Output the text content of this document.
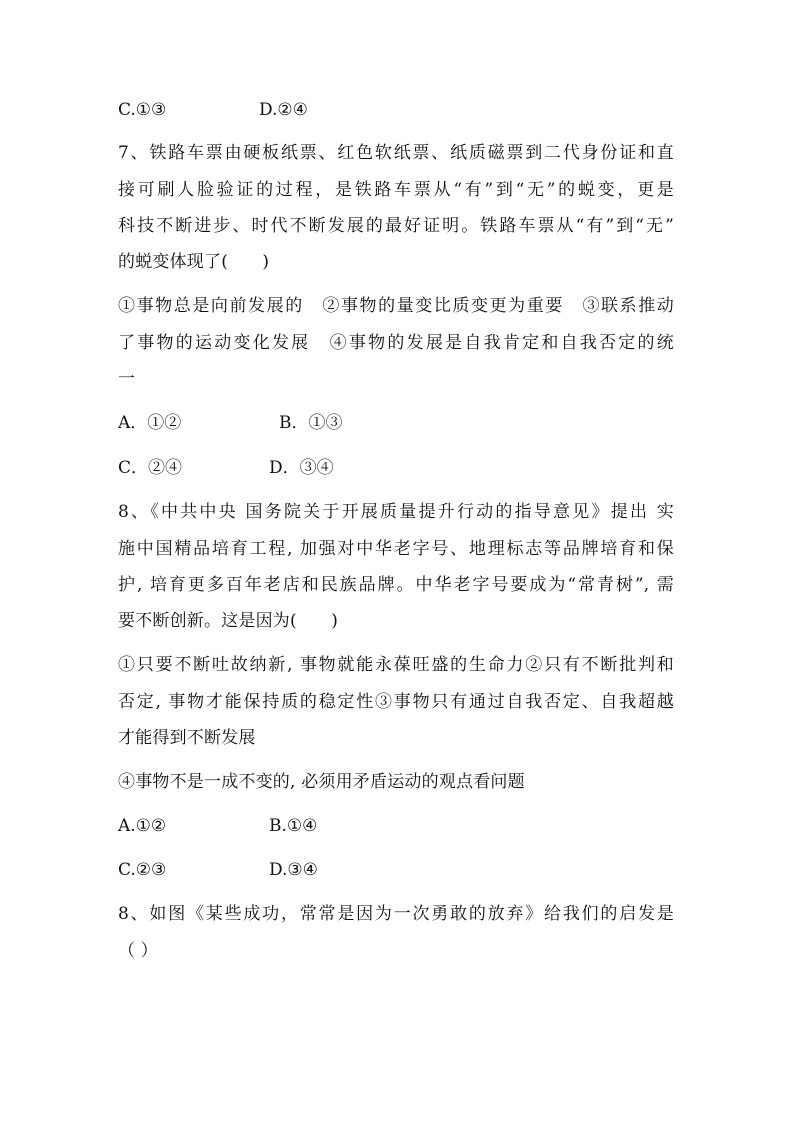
C.①③	D.②④
7、铁路车票由硬板纸票、红色软纸票、纸质磁票到二代身份证和直
接可刷人脸验证的过程，是铁路车票从“有”到“无”的蜕变，更是
科技不断进步、时代不断发展的最好证明。铁路车票从“有”到“无”
的蜕变体现了(　　)
①事物总是向前发展的　②事物的量变比质变更为重要　③联系推动
了事物的运动变化发展　④事物的发展是自我肯定和自我否定的统
一
A．①②	B．①③
C．②④	D．③④
8、《中共中央 国务院关于开展质量提升行动的指导意见》提出 实
施中国精品培育工程, 加强对中华老字号、地理标志等品牌培育和保
护, 培育更多百年老店和民族品牌。中华老字号要成为“常青树”, 需
要不断创新。这是因为(　　)
①只要不断吐故纳新, 事物就能永葆旺盛的生命力②只有不断批判和
否定, 事物才能保持质的稳定性③事物只有通过自我否定、自我超越
才能得到不断发展
④事物不是一成不变的, 必须用矛盾运动的观点看问题
A.①②	B.①④
C.②③	D.③④
8、如图《某些成功，常常是因为一次勇敢的放弃》给我们的启发是
（ ）
